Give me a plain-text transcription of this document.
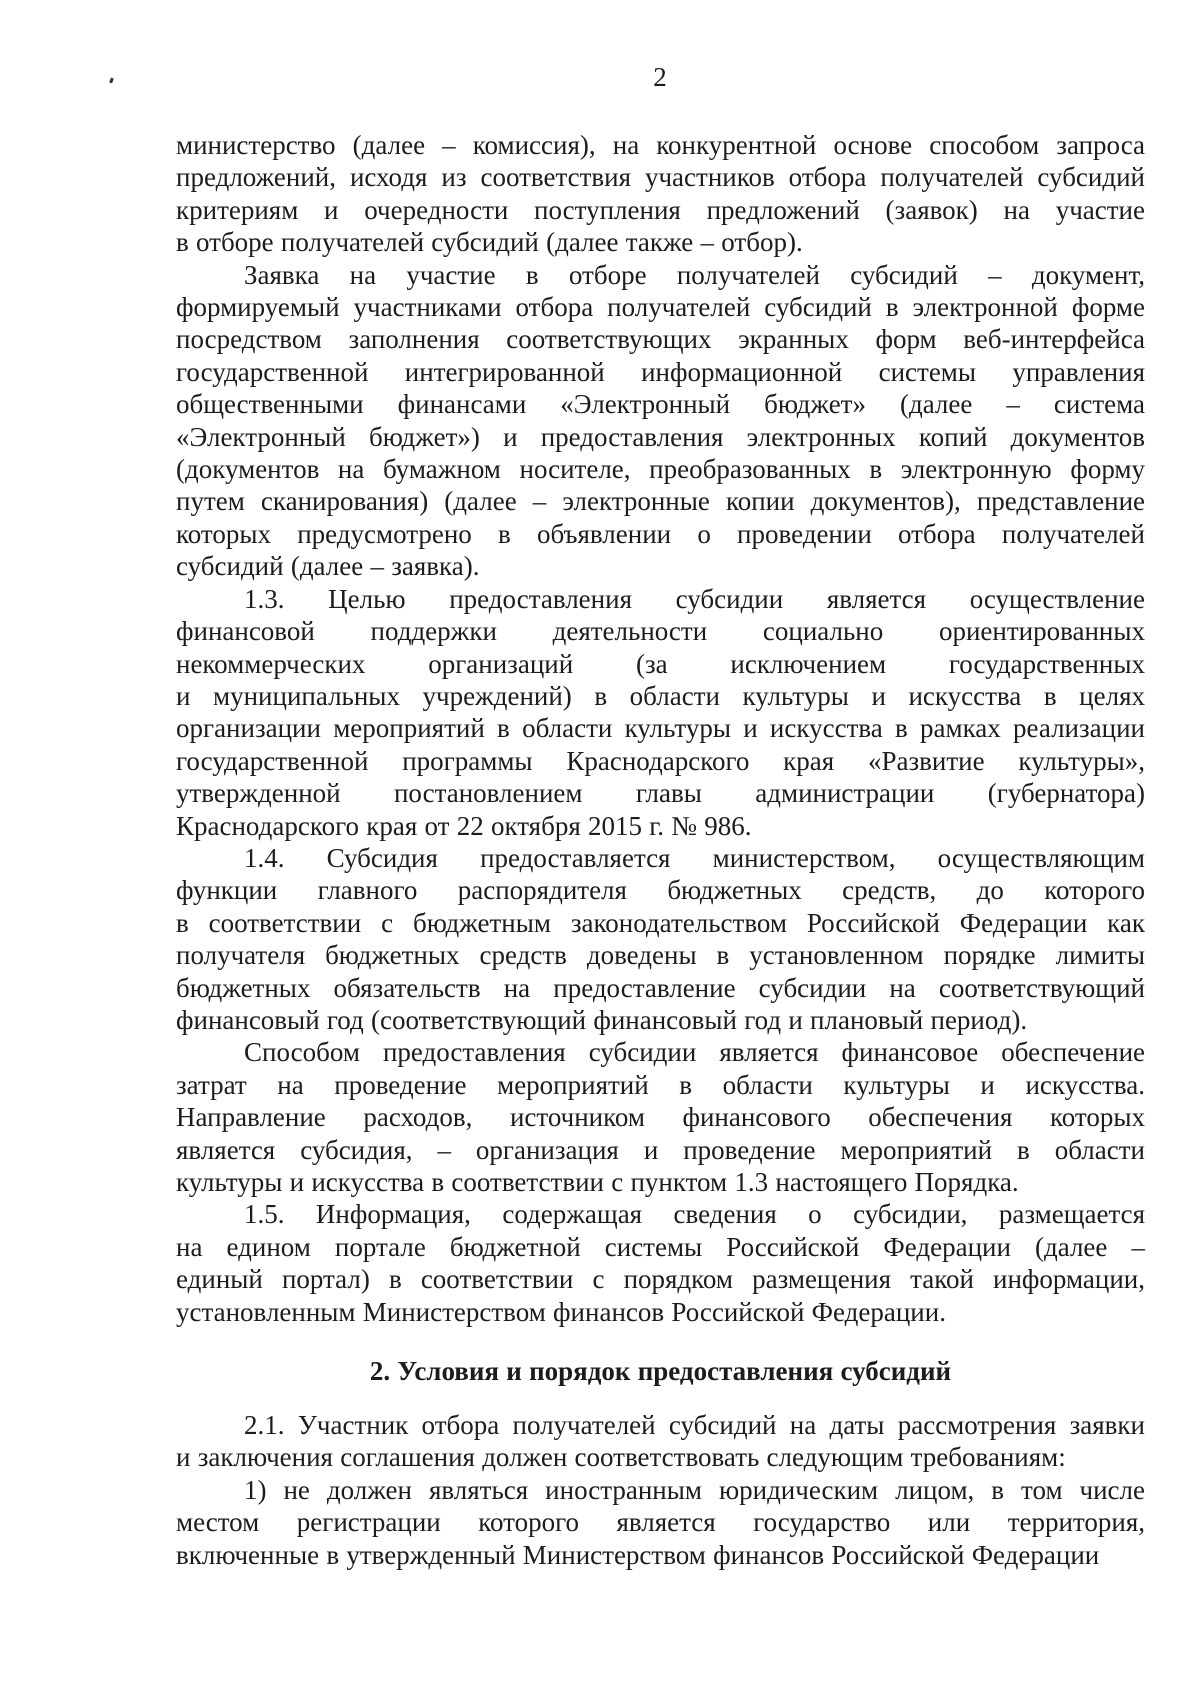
2

министерство (далее – комиссия), на конкурентной основе способом запроса

предложений, исходя из соответствия участников отбора получателей субсидий

критериям и очередности поступления предложений (заявок) на участие

в отборе получателей субсидий (далее также – отбор).

Заявка на участие в отборе получателей субсидий – документ,

формируемый участниками отбора получателей субсидий в электронной форме

посредством заполнения соответствующих экранных форм веб-интерфейса

государственной интегрированной информационной системы управления

общественными финансами «Электронный бюджет» (далее – система

«Электронный бюджет») и предоставления электронных копий документов

(документов на бумажном носителе, преобразованных в электронную форму

путем сканирования) (далее – электронные копии документов), представление

которых предусмотрено в объявлении о проведении отбора получателей

субсидий (далее – заявка).

1.3. Целью предоставления субсидии является осуществление

финансовой поддержки деятельности социально ориентированных

некоммерческих организаций (за исключением государственных

и муниципальных учреждений) в области культуры и искусства в целях

организации мероприятий в области культуры и искусства в рамках реализации

государственной программы Краснодарского края «Развитие культуры»,

утвержденной постановлением главы администрации (губернатора)

Краснодарского края от 22 октября 2015 г. № 986.

1.4. Субсидия предоставляется министерством, осуществляющим

функции главного распорядителя бюджетных средств, до которого

в соответствии с бюджетным законодательством Российской Федерации как

получателя бюджетных средств доведены в установленном порядке лимиты

бюджетных обязательств на предоставление субсидии на соответствующий

финансовый год (соответствующий финансовый год и плановый период).

Способом предоставления субсидии является финансовое обеспечение

затрат на проведение мероприятий в области культуры и искусства.

Направление расходов, источником финансового обеспечения которых

является субсидия, – организация и проведение мероприятий в области

культуры и искусства в соответствии с пунктом 1.3 настоящего Порядка.

1.5. Информация, содержащая сведения о субсидии, размещается

на едином портале бюджетной системы Российской Федерации (далее –

единый портал) в соответствии с порядком размещения такой информации,

установленным Министерством финансов Российской Федерации.

2. Условия и порядок предоставления субсидий

2.1. Участник отбора получателей субсидий на даты рассмотрения заявки

и заключения соглашения должен соответствовать следующим требованиям:

1) не должен являться иностранным юридическим лицом, в том числе

местом регистрации которого является государство или территория,

включенные в утвержденный Министерством финансов Российской Федерации
